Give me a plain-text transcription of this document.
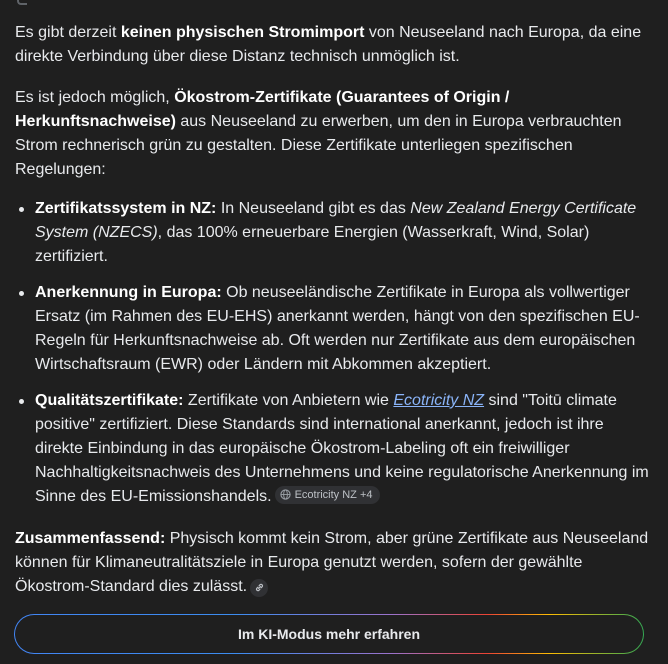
Es gibt derzeit keinen physischen Stromimport von Neuseeland nach Europa, da eine direkte Verbindung über diese Distanz technisch unmöglich ist.

Es ist jedoch möglich, Ökostrom-Zertifikate (Guarantees of Origin / Herkunftsnachweise) aus Neuseeland zu erwerben, um den in Europa verbrauchten Strom rechnerisch grün zu gestalten. Diese Zertifikate unterliegen spezifischen Regelungen:

Zertifikatssystem in NZ: In Neuseeland gibt es das New Zealand Energy Certificate System (NZECS), das 100% erneuerbare Energien (Wasserkraft, Wind, Solar) zertifiziert.
Anerkennung in Europa: Ob neuseeländische Zertifikate in Europa als vollwertiger Ersatz (im Rahmen des EU-EHS) anerkannt werden, hängt von den spezifischen EU-Regeln für Herkunftsnachweise ab. Oft werden nur Zertifikate aus dem europäischen Wirtschaftsraum (EWR) oder Ländern mit Abkommen akzeptiert.
Qualitätszertifikate: Zertifikate von Anbietern wie Ecotricity NZ sind "Toitū climate positive" zertifiziert. Diese Standards sind international anerkannt, jedoch ist ihre direkte Einbindung in das europäische Ökostrom-Labeling oft ein freiwilliger Nachhaltigkeitsnachweis des Unternehmens und keine regulatorische Anerkennung im Sinne des EU-Emissionshandels. Ecotricity NZ +4

Zusammenfassend: Physisch kommt kein Strom, aber grüne Zertifikate aus Neuseeland können für Klimaneutralitätsziele in Europa genutzt werden, sofern der gewählte Ökostrom-Standard dies zulässt.

Im KI-Modus mehr erfahren
